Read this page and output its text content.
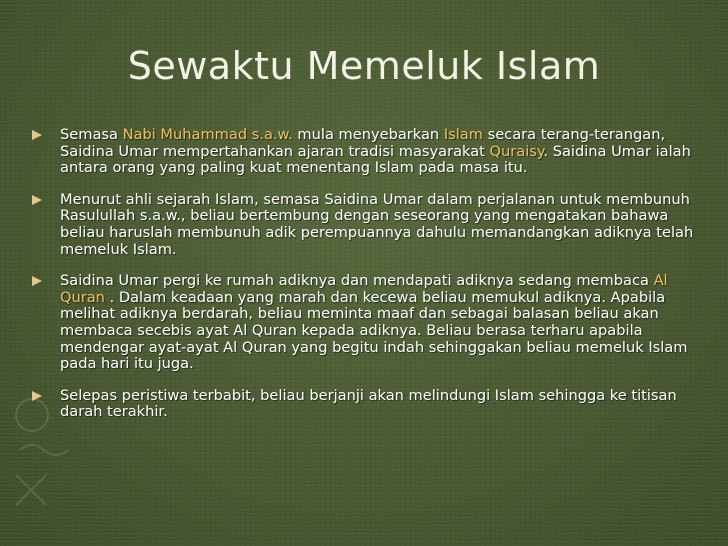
Sewaktu Memeluk Islam
Semasa Nabi Muhammad s.a.w. mula menyebarkan Islam secara terang-terangan, Saidina Umar mempertahankan ajaran tradisi masyarakat Quraisy. Saidina Umar ialah antara orang yang paling kuat menentang Islam pada masa itu.
Menurut ahli sejarah Islam, semasa Saidina Umar dalam perjalanan untuk membunuh Rasulullah s.a.w., beliau bertembung dengan seseorang yang mengatakan bahawa beliau haruslah membunuh adik perempuannya dahulu memandangkan adiknya telah memeluk Islam.
Saidina Umar pergi ke rumah adiknya dan mendapati adiknya sedang membaca Al Quran . Dalam keadaan yang marah dan kecewa beliau memukul adiknya. Apabila melihat adiknya berdarah, beliau meminta maaf dan sebagai balasan beliau akan membaca secebis ayat Al Quran kepada adiknya. Beliau berasa terharu apabila mendengar ayat-ayat Al Quran yang begitu indah sehinggakan beliau memeluk Islam pada hari itu juga.
Selepas peristiwa terbabit, beliau berjanji akan melindungi Islam sehingga ke titisan darah terakhir.
